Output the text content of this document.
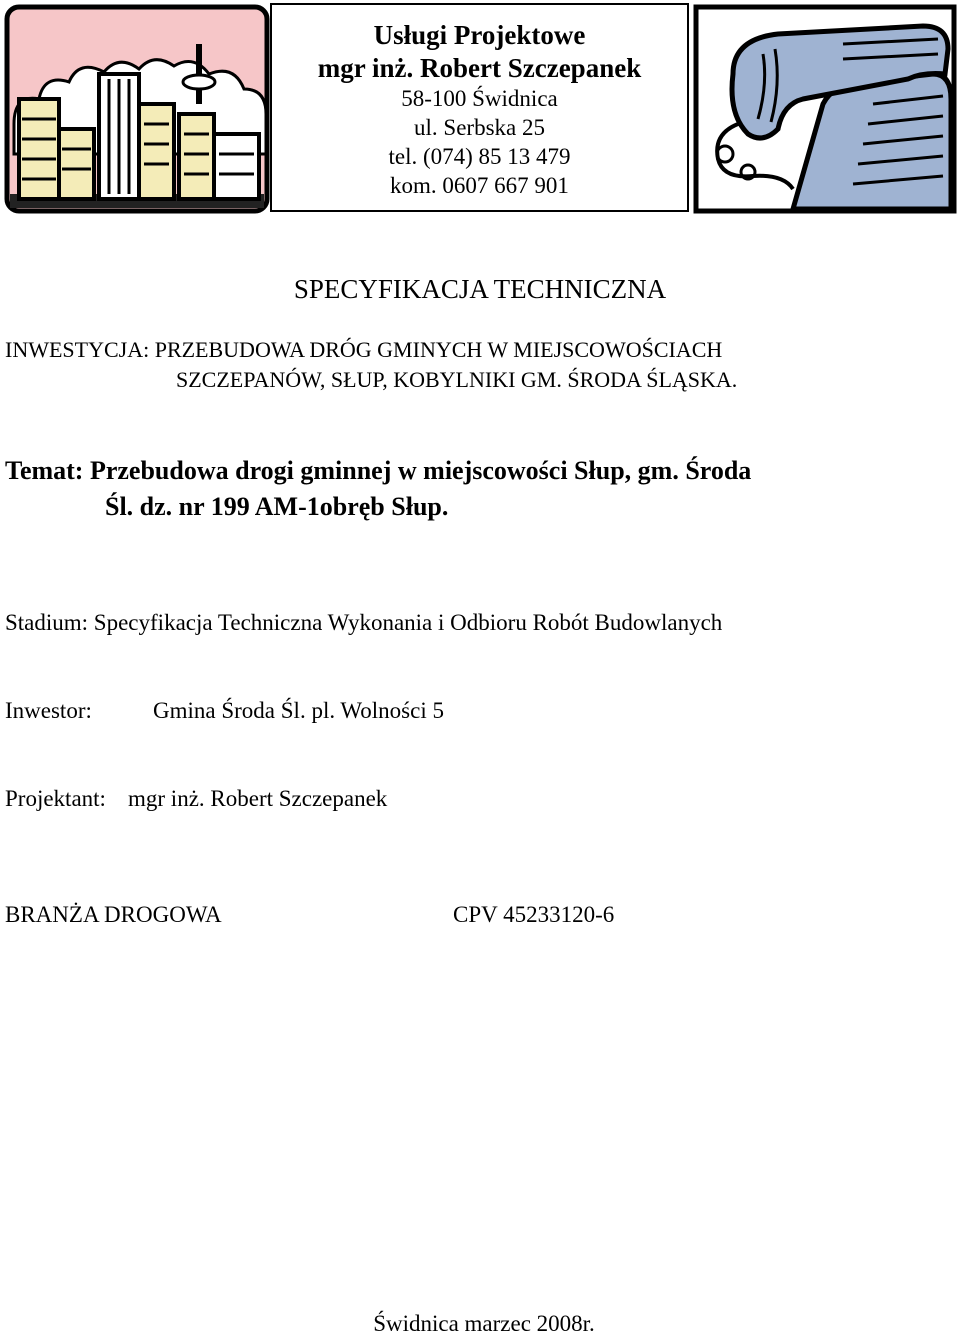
Usługi Projektowe
mgr inż. Robert Szczepanek
58-100 Świdnica
ul. Serbska 25
tel. (074) 85 13 479
kom. 0607 667 901
SPECYFIKACJA TECHNICZNA
INWESTYCJA: PRZEBUDOWA DRÓG GMINYCH W MIEJSCOWOŚCIACH
SZCZEPANÓW, SŁUP, KOBYLNIKI GM. ŚRODA ŚLĄSKA.
Temat: Przebudowa drogi gminnej w miejscowości Słup, gm. Środa
Śl. dz. nr 199 AM-1obręb Słup.
Stadium: Specyfikacja Techniczna Wykonania i Odbioru Robót Budowlanych
Inwestor:	Gmina Środa Śl. pl. Wolności 5
Projektant: mgr inż. Robert Szczepanek
BRANŻA DROGOWA	CPV 45233120-6
Świdnica marzec 2008r.
